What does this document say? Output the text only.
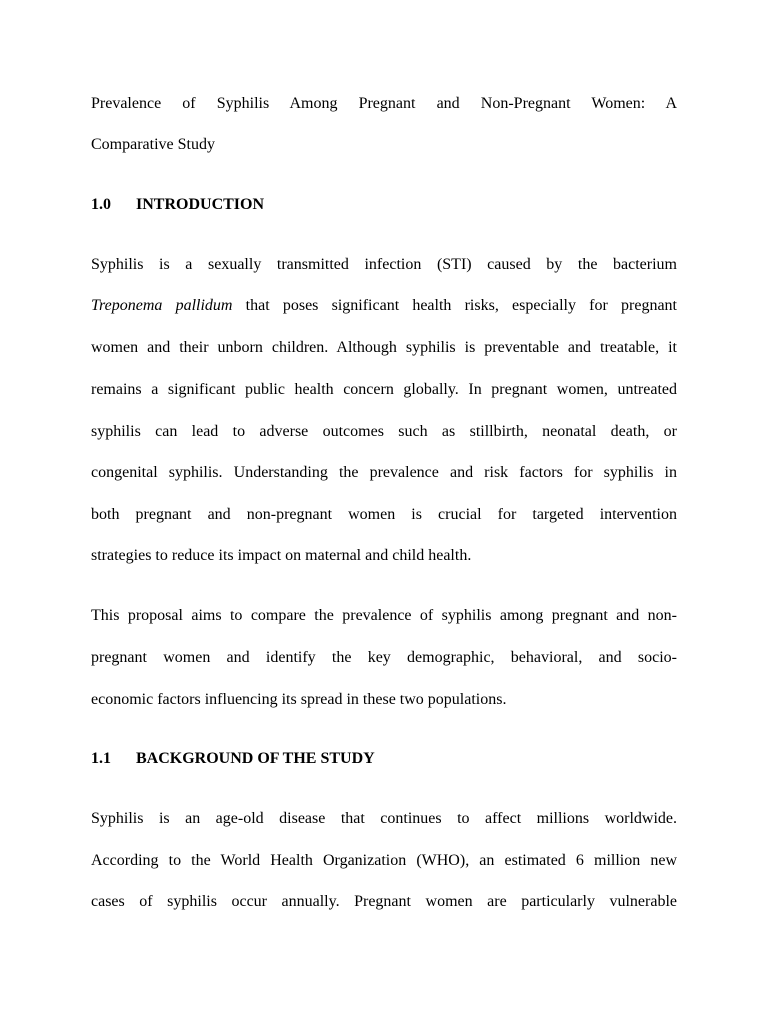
Prevalence of Syphilis Among Pregnant and Non-Pregnant Women: A
Comparative Study
1.0 INTRODUCTION
Syphilis is a sexually transmitted infection (STI) caused by the bacterium
Treponema pallidum that poses significant health risks, especially for pregnant
women and their unborn children. Although syphilis is preventable and treatable, it
remains a significant public health concern globally. In pregnant women, untreated
syphilis can lead to adverse outcomes such as stillbirth, neonatal death, or
congenital syphilis. Understanding the prevalence and risk factors for syphilis in
both pregnant and non-pregnant women is crucial for targeted intervention
strategies to reduce its impact on maternal and child health.
This proposal aims to compare the prevalence of syphilis among pregnant and non-
pregnant women and identify the key demographic, behavioral, and socio-
economic factors influencing its spread in these two populations.
1.1 BACKGROUND OF THE STUDY
Syphilis is an age-old disease that continues to affect millions worldwide.
According to the World Health Organization (WHO), an estimated 6 million new
cases of syphilis occur annually. Pregnant women are particularly vulnerable
